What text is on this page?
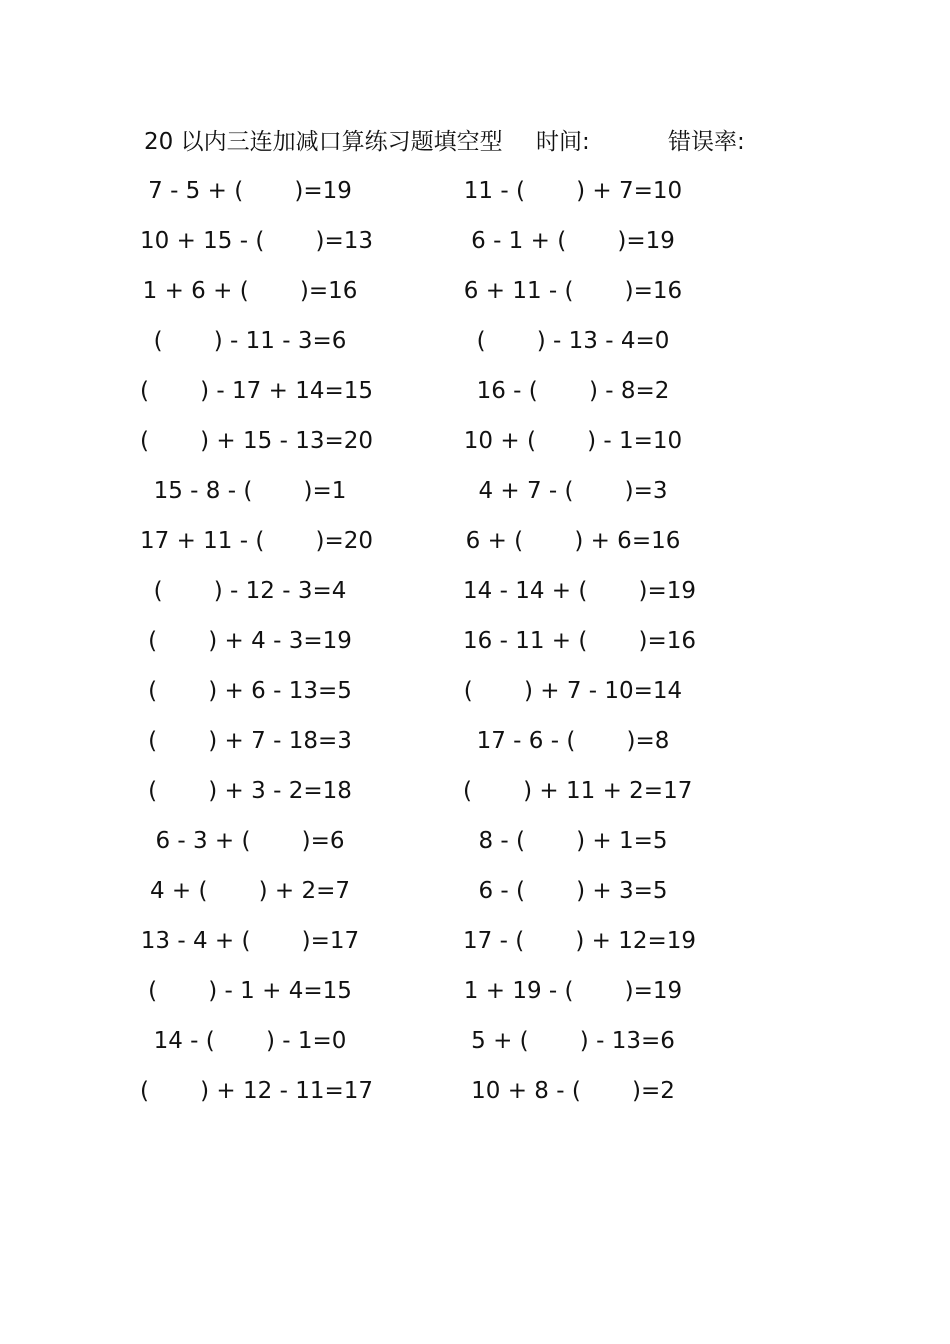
20 以内三连加减口算练习题填空型 时间:	错误率:
7 - 5 + (       )=19	11 - (       ) + 7=10
10 + 15 - (       )=13	6 - 1 + (       )=19
1 + 6 + (       )=16	6 + 11 - (       )=16
(       ) - 11 - 3=6	(       ) - 13 - 4=0
(       ) - 17 + 14=15	16 - (       ) - 8=2
(       ) + 15 - 13=20	10 + (       ) - 1=10
15 - 8 - (       )=1	4 + 7 - (       )=3
17 + 11 - (       )=20	6 + (       ) + 6=16
(       ) - 12 - 3=4	14 - 14 + (       )=19
(       ) + 4 - 3=19	16 - 11 + (       )=16
(       ) + 6 - 13=5	(       ) + 7 - 10=14
(       ) + 7 - 18=3	17 - 6 - (       )=8
(       ) + 3 - 2=18	(       ) + 11 + 2=17
6 - 3 + (       )=6	8 - (       ) + 1=5
4 + (       ) + 2=7	6 - (       ) + 3=5
13 - 4 + (       )=17	17 - (       ) + 12=19
(       ) - 1 + 4=15	1 + 19 - (       )=19
14 - (       ) - 1=0	5 + (       ) - 13=6
(       ) + 12 - 11=17	10 + 8 - (       )=2
